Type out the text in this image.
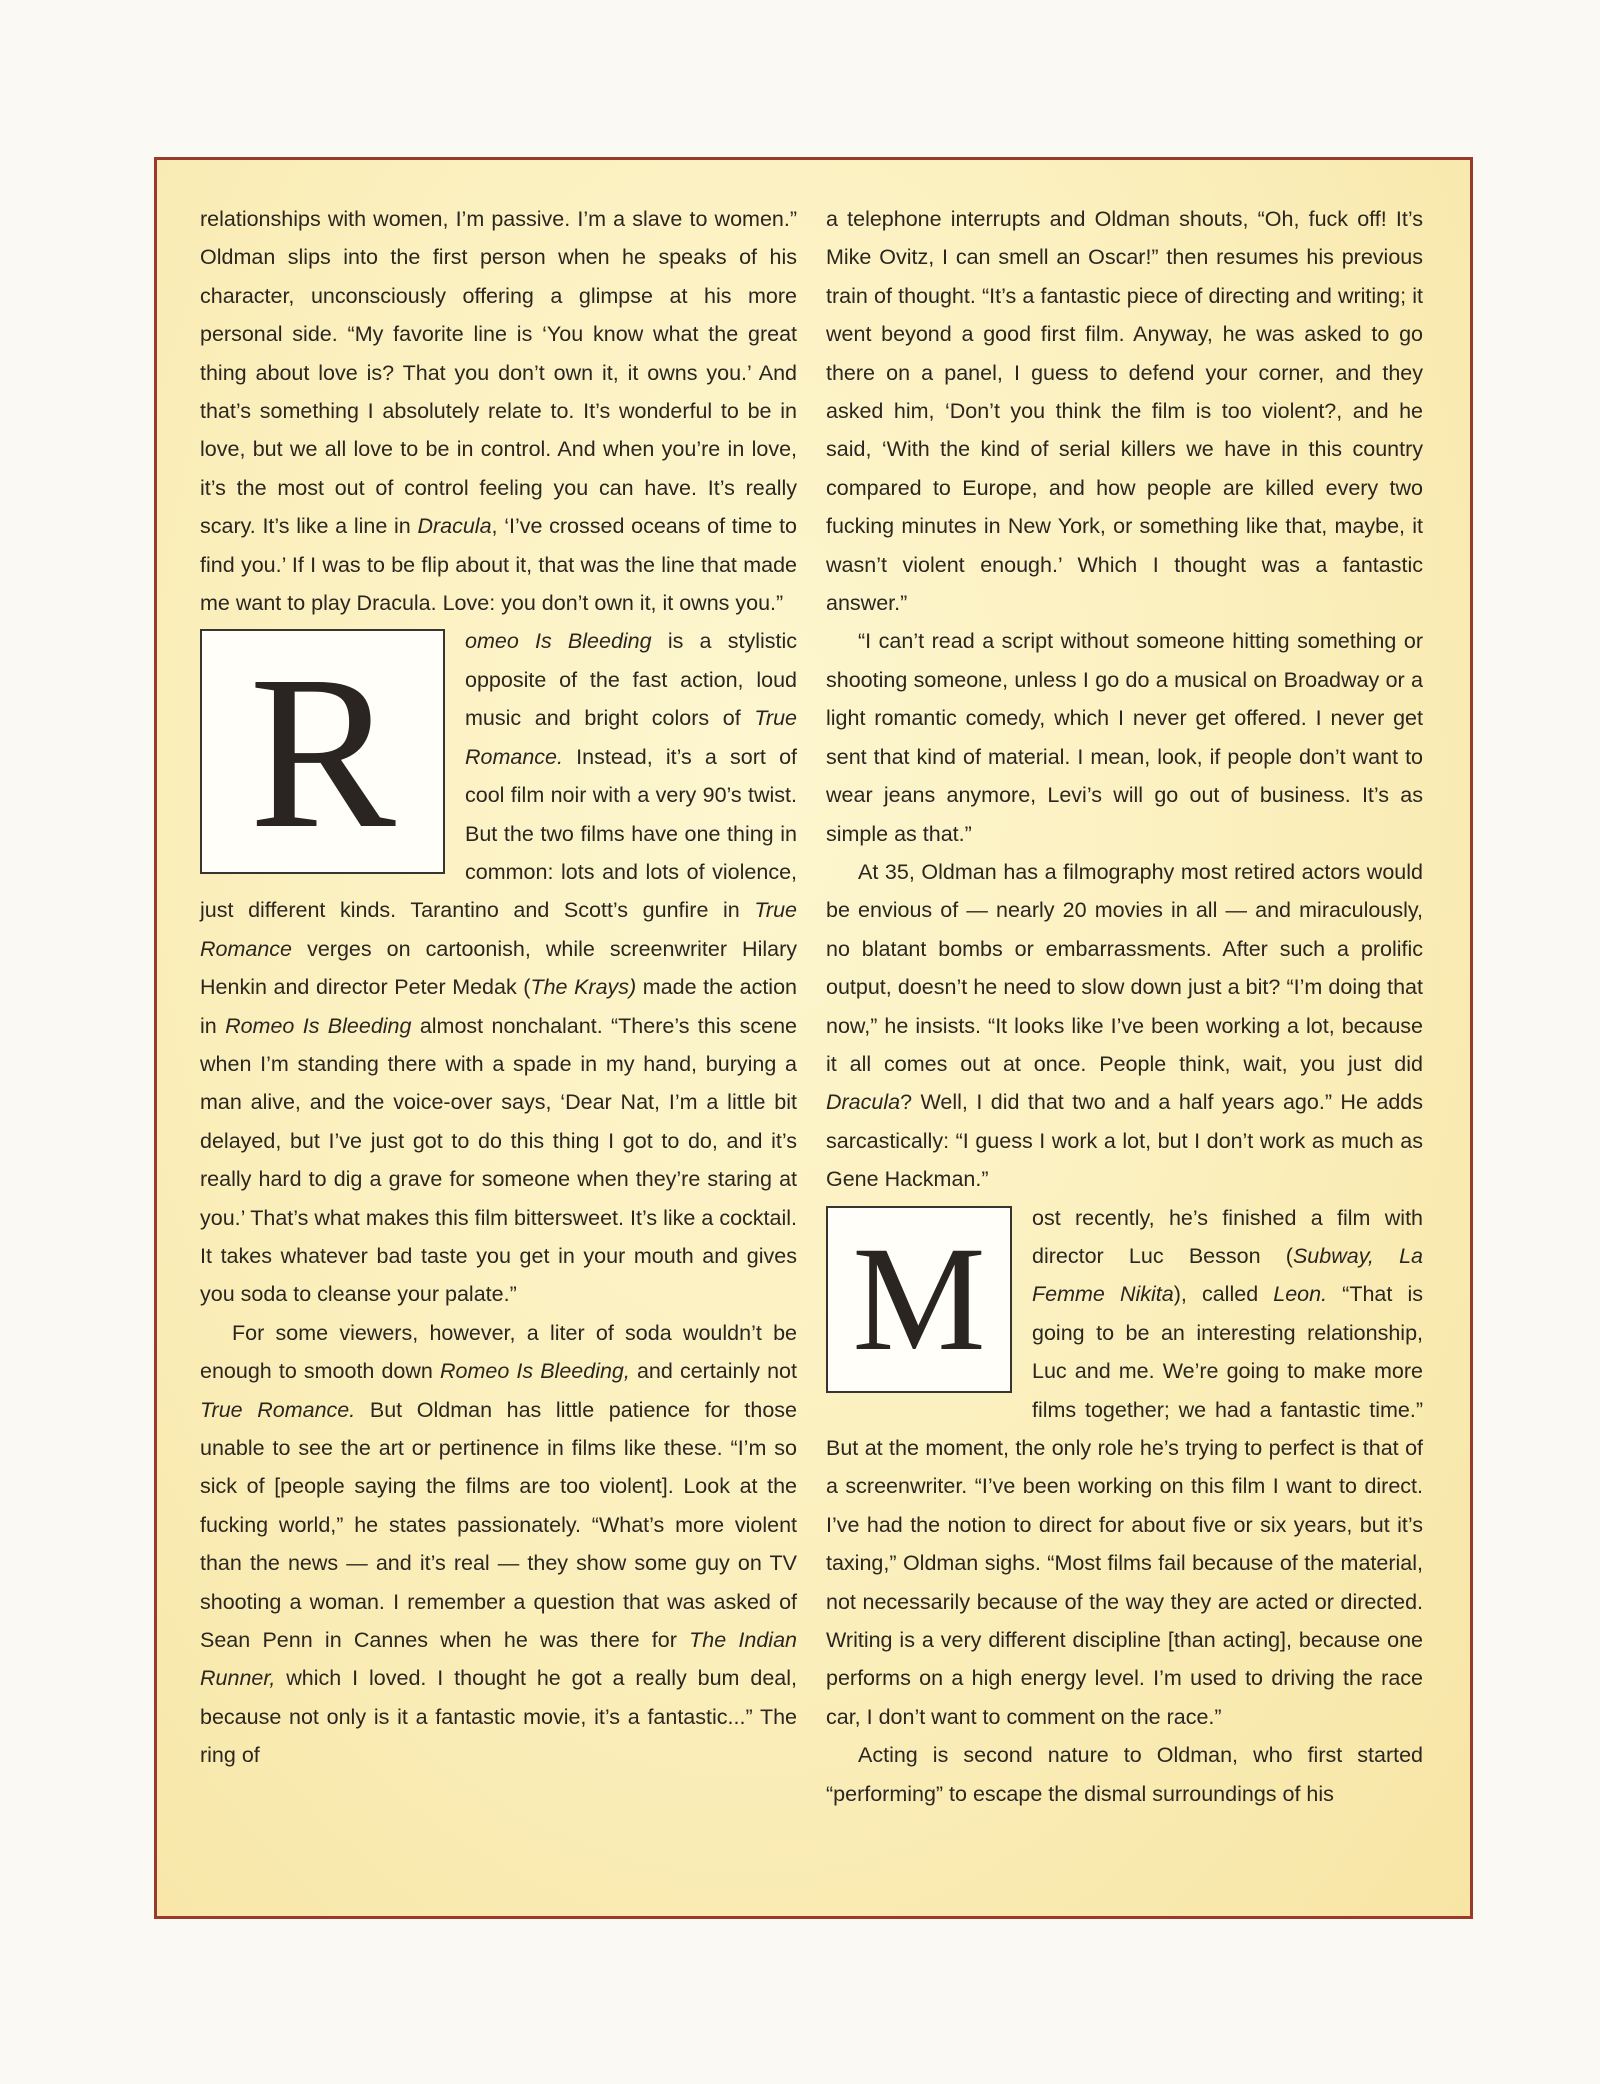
relationships with women, I’m passive. I’m a slave to women.” Oldman slips into the first person when he speaks of his character, unconsciously offering a glimpse at his more personal side. “My favorite line is ‘You know what the great thing about love is? That you don’t own it, it owns you.’ And that’s something I absolutely relate to. It’s wonderful to be in love, but we all love to be in control. And when you’re in love, it’s the most out of control feeling you can have. It’s really scary. It’s like a line in Dracula, ‘I’ve crossed oceans of time to find you.’ If I was to be flip about it, that was the line that made me want to play Dracula. Love: you don’t own it, it owns you.”

R	omeo Is Bleeding is a stylistic opposite of the fast action, loud music and bright colors of True Romance. Instead, it’s a sort of cool film noir with a very 90’s twist. But the two films have one thing in common: lots and lots of violence, just different kinds. Tarantino and Scott’s gunfire in True Romance verges on cartoonish, while screenwriter Hilary Henkin and director Peter Medak (The Krays) made the action in Romeo Is Bleeding almost nonchalant. “There’s this scene when I’m standing there with a spade in my hand, burying a man alive, and the voice-over says, ‘Dear Nat, I’m a little bit delayed, but I’ve just got to do this thing I got to do, and it’s really hard to dig a grave for someone when they’re staring at you.’ That’s what makes this film bittersweet. It’s like a cocktail. It takes whatever bad taste you get in your mouth and gives you soda to cleanse your palate.”

For some viewers, however, a liter of soda wouldn’t be enough to smooth down Romeo Is Bleeding, and certainly not True Romance. But Oldman has little patience for those unable to see the art or pertinence in films like these. “I’m so sick of [people saying the films are too violent]. Look at the fucking world,” he states passionately. “What’s more violent than the news — and it’s real — they show some guy on TV shooting a woman. I remember a question that was asked of Sean Penn in Cannes when he was there for The Indian Runner, which I loved. I thought he got a really bum deal, because not only is it a fantastic movie, it’s a fantastic...” The ring of

a telephone interrupts and Oldman shouts, “Oh, fuck off! It’s Mike Ovitz, I can smell an Oscar!” then resumes his previous train of thought. “It’s a fantastic piece of directing and writing; it went beyond a good first film. Anyway, he was asked to go there on a panel, I guess to defend your corner, and they asked him, ‘Don’t you think the film is too violent?, and he said, ‘With the kind of serial killers we have in this country compared to Europe, and how people are killed every two fucking minutes in New York, or something like that, maybe, it wasn’t violent enough.’ Which I thought was a fantastic answer.”

“I can’t read a script without someone hitting something or shooting someone, unless I go do a musical on Broadway or a light romantic comedy, which I never get offered. I never get sent that kind of material. I mean, look, if people don’t want to wear jeans anymore, Levi’s will go out of business. It’s as simple as that.”

At 35, Oldman has a filmography most retired actors would be envious of — nearly 20 movies in all — and miraculously, no blatant bombs or embarrassments. After such a prolific output, doesn’t he need to slow down just a bit? “I’m doing that now,” he insists. “It looks like I’ve been working a lot, because it all comes out at once. People think, wait, you just did Dracula? Well, I did that two and a half years ago.” He adds sarcastically: “I guess I work a lot, but I don’t work as much as Gene Hackman.”

M	ost recently, he’s finished a film with director Luc Besson (Subway, La Femme Nikita), called Leon. “That is going to be an interesting relationship, Luc and me. We’re going to make more films together; we had a fantastic time.” But at the moment, the only role he’s trying to perfect is that of a screenwriter. “I’ve been working on this film I want to direct. I’ve had the notion to direct for about five or six years, but it’s taxing,” Oldman sighs. “Most films fail because of the material, not necessarily because of the way they are acted or directed. Writing is a very different discipline [than acting], because one performs on a high energy level. I’m used to driving the race car, I don’t want to comment on the race.”

Acting is second nature to Oldman, who first started “performing” to escape the dismal surroundings of his
